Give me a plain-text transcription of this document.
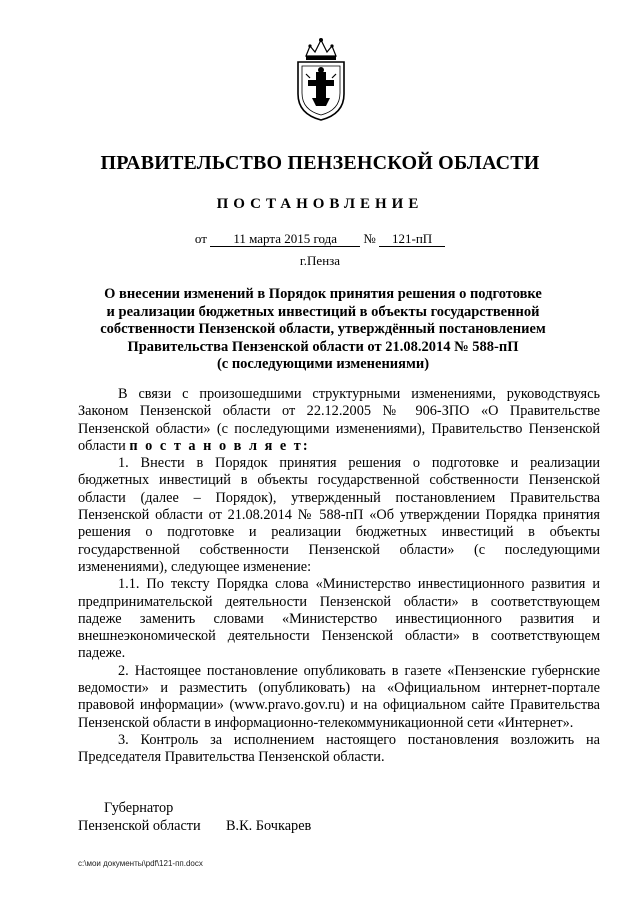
ПРАВИТЕЛЬСТВО ПЕНЗЕНСКОЙ ОБЛАСТИ
ПОСТАНОВЛЕНИЕ
от 11 марта 2015 года № 121-пП
г.Пенза
О внесении изменений в Порядок принятия решения о подготовке
и реализации бюджетных инвестиций в объекты государственной
собственности Пензенской области, утверждённый постановлением
Правительства Пензенской области от 21.08.2014 № 588-пП
(с последующими изменениями)

В связи с произошедшими структурными изменениями, руководствуясь Законом Пензенской области от 22.12.2005 № 906-ЗПО «О Правительстве Пензенской области» (с последующими изменениями), Правительство Пензенской области п о с т а н о в л я е т:

1. Внести в Порядок принятия решения о подготовке и реализации бюджетных инвестиций в объекты государственной собственности Пензенской области (далее – Порядок), утвержденный постановлением Правительства Пензенской области от 21.08.2014 № 588-пП «Об утверждении Порядка принятия решения о подготовке и реализации бюджетных инвестиций в объекты государственной собственности Пензенской области» (с последующими изменениями), следующее изменение:

1.1. По тексту Порядка слова «Министерство инвестиционного развития и предпринимательской деятельности Пензенской области» в соответствующем падеже заменить словами «Министерство инвестиционного развития и внешнеэкономической деятельности Пензенской области» в соответствующем падеже.

2. Настоящее постановление опубликовать в газете «Пензенские губернские ведомости» и разместить (опубликовать) на «Официальном интернет-портале правовой информации» (www.pravo.gov.ru) и на официальном сайте Правительства Пензенской области в информационно-телекоммуникационной сети «Интернет».

3. Контроль за исполнением настоящего постановления возложить на Председателя Правительства Пензенской области.

Губернатор
Пензенской области В.К. Бочкарев
c:\мои документы\pdf\121-пп.docx
